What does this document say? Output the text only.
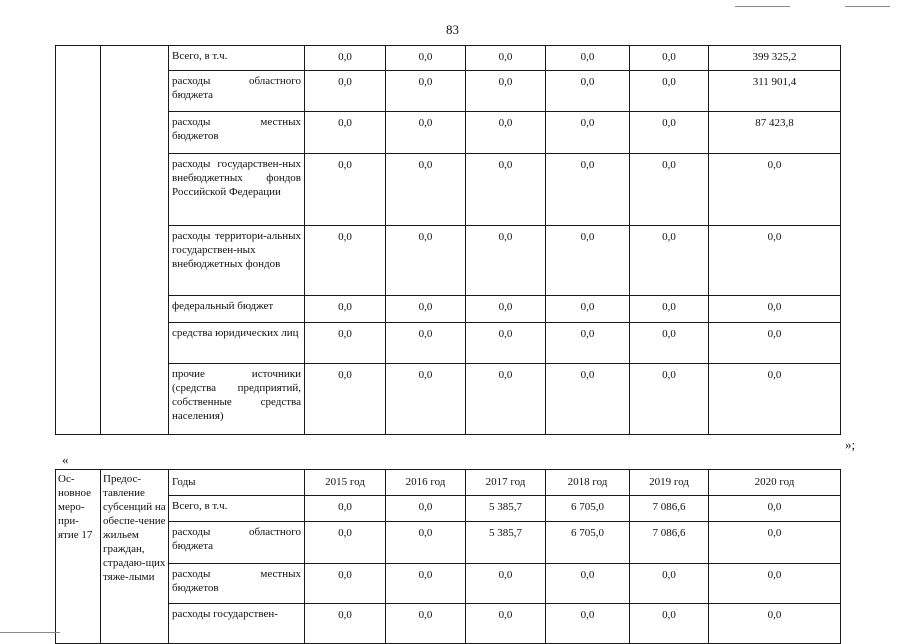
83
		Всего, в т.ч.	0,0	0,0	0,0	0,0	0,0	399 325,2
		расходы областного бюджета	0,0	0,0	0,0	0,0	0,0	311 901,4
		расходы местных бюджетов	0,0	0,0	0,0	0,0	0,0	87 423,8
		расходы государствен-ных внебюджетных фондов Российской Федерации	0,0	0,0	0,0	0,0	0,0	0,0
		расходы территори-альных государствен-ных внебюджетных фондов	0,0	0,0	0,0	0,0	0,0	0,0
		федеральный бюджет	0,0	0,0	0,0	0,0	0,0	0,0
		средства юридических лиц	0,0	0,0	0,0	0,0	0,0	0,0
		прочие источники (средства предприятий, собственные средства населения)	0,0	0,0	0,0	0,0	0,0	0,0
»;
«
Ос-новное меро-при-ятие 17	Предос-тавление субсенций на обеспе-чение жильем граждан, страдаю-щих тяже-лыми	Годы	2015 год	2016 год	2017 год	2018 год	2019 год	2020 год
		Всего, в т.ч.	0,0	0,0	5 385,7	6 705,0	7 086,6	0,0
		расходы областного бюджета	0,0	0,0	5 385,7	6 705,0	7 086,6	0,0
		расходы местных бюджетов	0,0	0,0	0,0	0,0	0,0	0,0
		расходы государствен-	0,0	0,0	0,0	0,0	0,0	0,0
